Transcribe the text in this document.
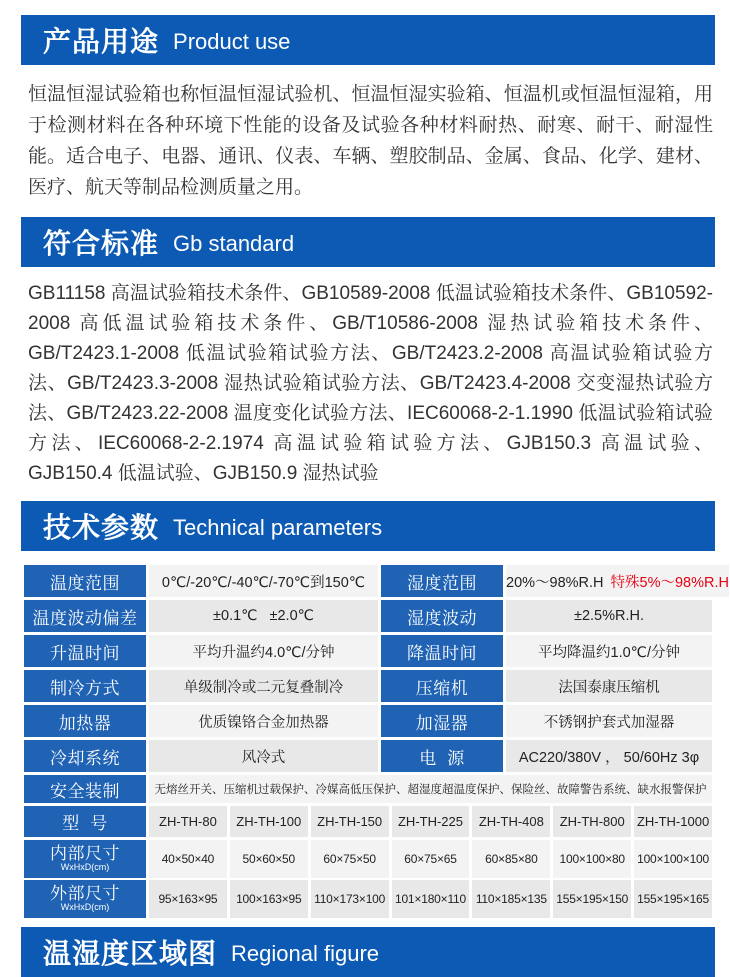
产品用途 Product use
恒温恒湿试验箱也称恒温恒湿试验机、恒温恒湿实验箱、恒温机或恒温恒湿箱，用于检测材料在各种环境下性能的设备及试验各种材料耐热、耐寒、耐干、耐湿性能。适合电子、电器、通讯、仪表、车辆、塑胶制品、金属、食品、化学、建材、医疗、航天等制品检测质量之用。
符合标准 Gb standard
GB11158 高温试验箱技术条件、GB10589-2008 低温试验箱技术条件、GB10592-2008 高低温试验箱技术条件、GB/T10586-2008 湿热试验箱技术条件、GB/T2423.1-2008 低温试验箱试验方法、GB/T2423.2-2008 高温试验箱试验方法、GB/T2423.3-2008 湿热试验箱试验方法、GB/T2423.4-2008 交变湿热试验方法、GB/T2423.22-2008 温度变化试验方法、IEC60068-2-1.1990 低温试验箱试验方法、IEC60068-2-2.1974 高温试验箱试验方法、GJB150.3 高温试验、GJB150.4 低温试验、GJB150.9 湿热试验
技术参数 Technical parameters
温度范围	0℃/-20℃/-40℃/-70℃到150℃	湿度范围	20%～98%R.H 特殊5%～98%R.H
温度波动偏差	±0.1℃   ±2.0℃	湿度波动	±2.5%R.H.
升温时间	平均升温约4.0℃/分钟	降温时间	平均降温约1.0℃/分钟
制冷方式	单级制冷或二元复叠制冷	压缩机	法国泰康压缩机
加热器	优质镍铬合金加热器	加湿器	不锈钢护套式加湿器
冷却系统	风冷式	电  源	AC220/380V ， 50/60Hz 3φ
安全装制	无熔丝开关、压缩机过载保护、冷媒高低压保护、超湿度超温度保护、保险丝、故障警告系统、缺水报警保护
型  号	ZH-TH-80	ZH-TH-100	ZH-TH-150	ZH-TH-225	ZH-TH-408	ZH-TH-800 ZH-TH-1000
内部尺寸
WxHxD(cm)
40×50×40	50×60×50	60×75×50	60×75×65	60×85×80	100×100×80	100×100×100
外部尺寸
WxHxD(cm)
95×163×95	100×163×95	110×173×100 101×180×110 110×185×135 155×195×150 155×195×165
温湿度区域图 Regional figure
